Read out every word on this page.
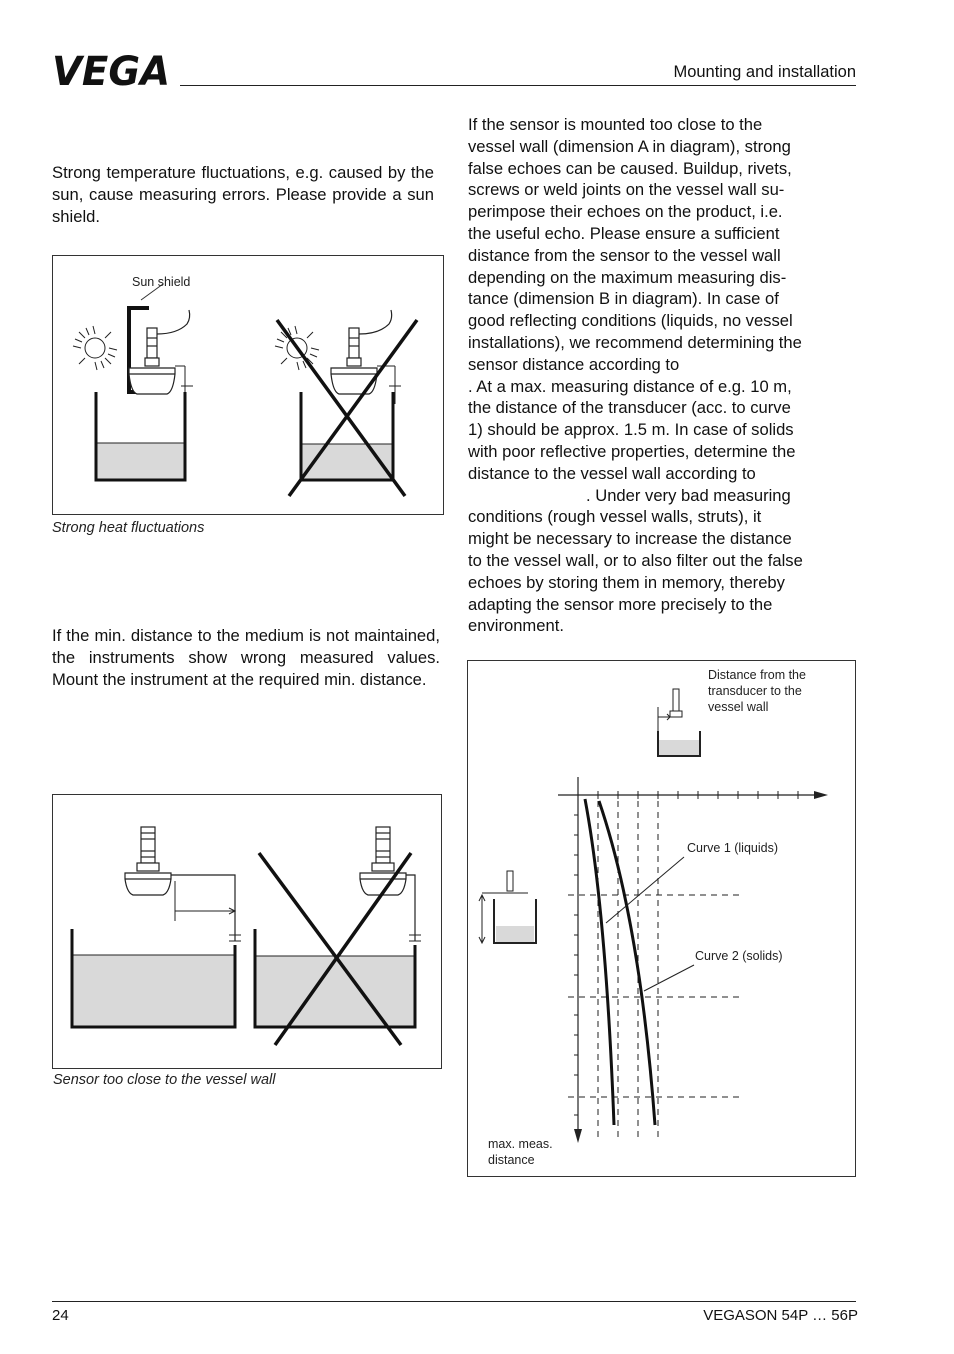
VEGA	Mounting and installation

Strong temperature fluctuations, e.g. caused by the sun, cause measuring errors. Please provide a sun shield.

Sun shield
Strong heat fluctuations

If the min. distance to the medium is not maintained, the instruments show wrong measured values. Mount the instrument at the required min. distance.

Sensor too close to the vessel wall
If the sensor is mounted too close to the
vessel wall (dimension A in diagram), strong
false echoes can be caused. Buildup, rivets,
screws or weld joints on the vessel wall su-
perimpose their echoes on the product, i.e.
the useful echo. Please ensure a sufficient
distance from the sensor to the vessel wall
depending on the maximum measuring dis-
tance (dimension B in diagram). In case of
good reflecting conditions (liquids, no vessel
installations), we recommend determining the
sensor distance according to
. At a max. measuring distance of e.g. 10 m,
the distance of the transducer (acc. to curve
1) should be approx. 1.5 m. In case of solids
with poor reflective properties, determine the
distance to the vessel wall according to
. Under very bad measuring
conditions (rough vessel walls, struts), it
might be necessary to increase the distance
to the vessel wall, or to also filter out the false
echoes by storing them in memory, thereby
adapting the sensor more precisely to the
environment.
Distance from the transducer to the vessel wall
Curve 1 (liquids)
Curve 2 (solids)
max. meas. distance
24	VEGASON 54P … 56P
